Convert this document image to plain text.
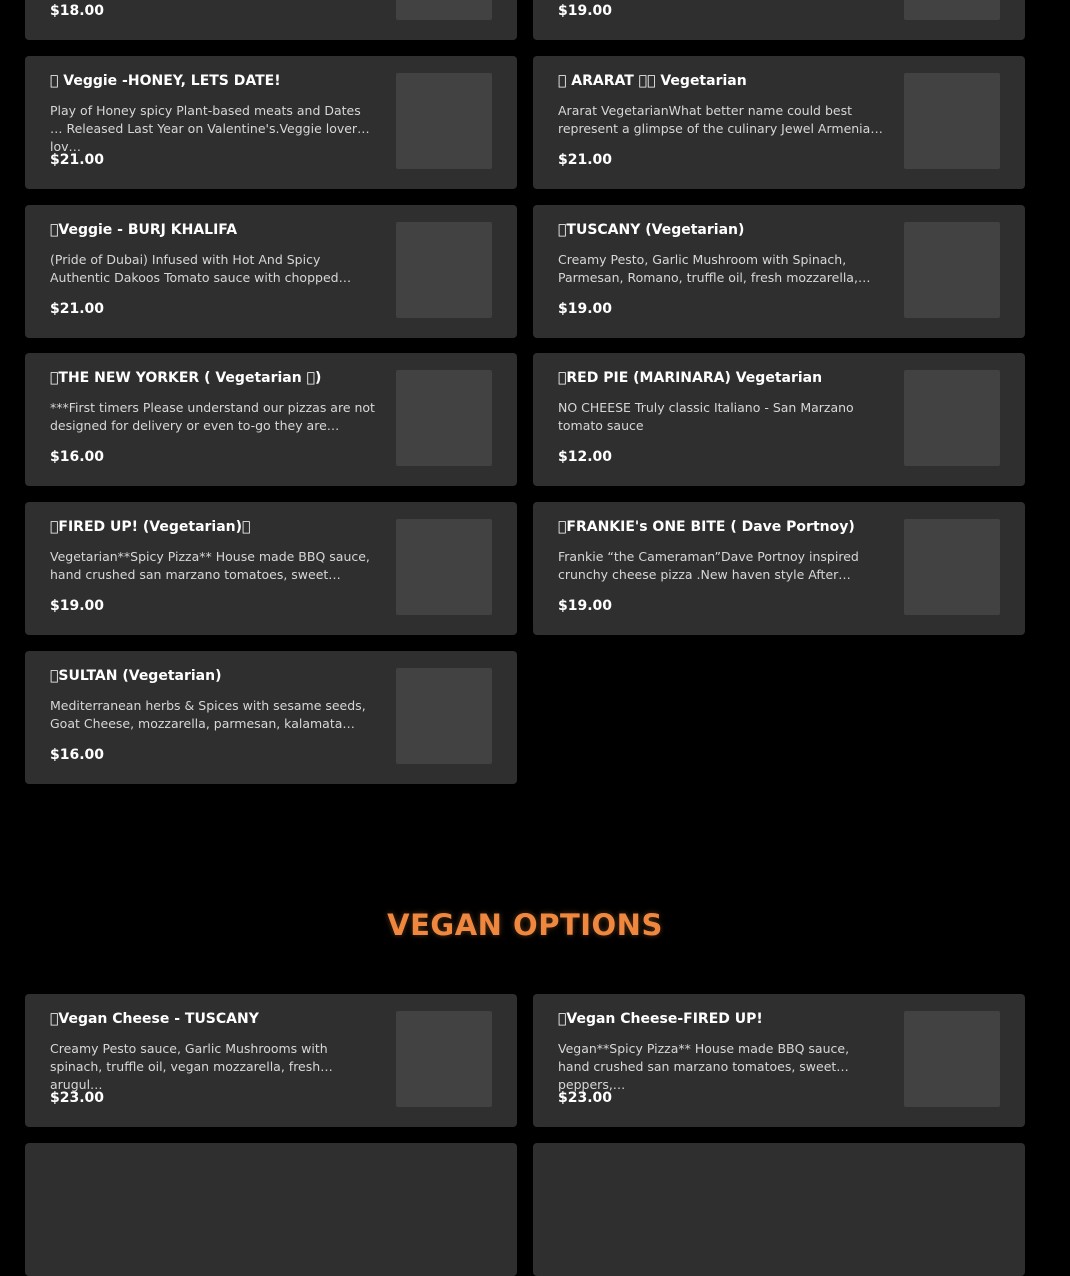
$18.00	$19.00
􏰀 Veggie -HONEY, LETS DATE!
Play of Honey spicy Plant-based meats and Dates … Released Last Year on Valentine's.Veggie lovers lov…
$21.00
􏰀 ARARAT 􏰀􏰀 Vegetarian
Ararat VegetarianWhat better name could best represent a glimpse of the culinary Jewel Armenia…
$21.00
􏰀Veggie - BURJ KHALIFA
(Pride of Dubai) Infused with Hot And Spicy Authentic Dakoos Tomato sauce with chopped…
$21.00
􏰀TUSCANY (Vegetarian)
Creamy Pesto, Garlic Mushroom with Spinach, Parmesan, Romano, truffle oil, fresh mozzarella,…
$19.00
􏰀THE NEW YORKER ( Vegetarian 􏰀)
***First timers Please understand our pizzas are not designed for delivery or even to-go they are…
$16.00
􏰀RED PIE (MARINARA) Vegetarian
NO CHEESE Truly classic Italiano - San Marzano tomato sauce
$12.00
􏰀FIRED UP! (Vegetarian)􏰀
Vegetarian**Spicy Pizza** House made BBQ sauce, hand crushed san marzano tomatoes, sweet…
$19.00
􏰀FRANKIE's ONE BITE ( Dave Portnoy)
Frankie “the Cameraman”Dave Portnoy inspired crunchy cheese pizza .New haven style After…
$19.00
􏰀SULTAN (Vegetarian)
Mediterranean herbs & Spices with sesame seeds, Goat Cheese, mozzarella, parmesan, kalamata…
$16.00
VEGAN OPTIONS
􏰀Vegan Cheese - TUSCANY
Creamy Pesto sauce, Garlic Mushrooms with spinach, truffle oil, vegan mozzarella, fresh arugul…
$23.00
􏰀Vegan Cheese-FIRED UP!
Vegan**Spicy Pizza** House made BBQ sauce, hand crushed san marzano tomatoes, sweet peppers,…
$23.00
